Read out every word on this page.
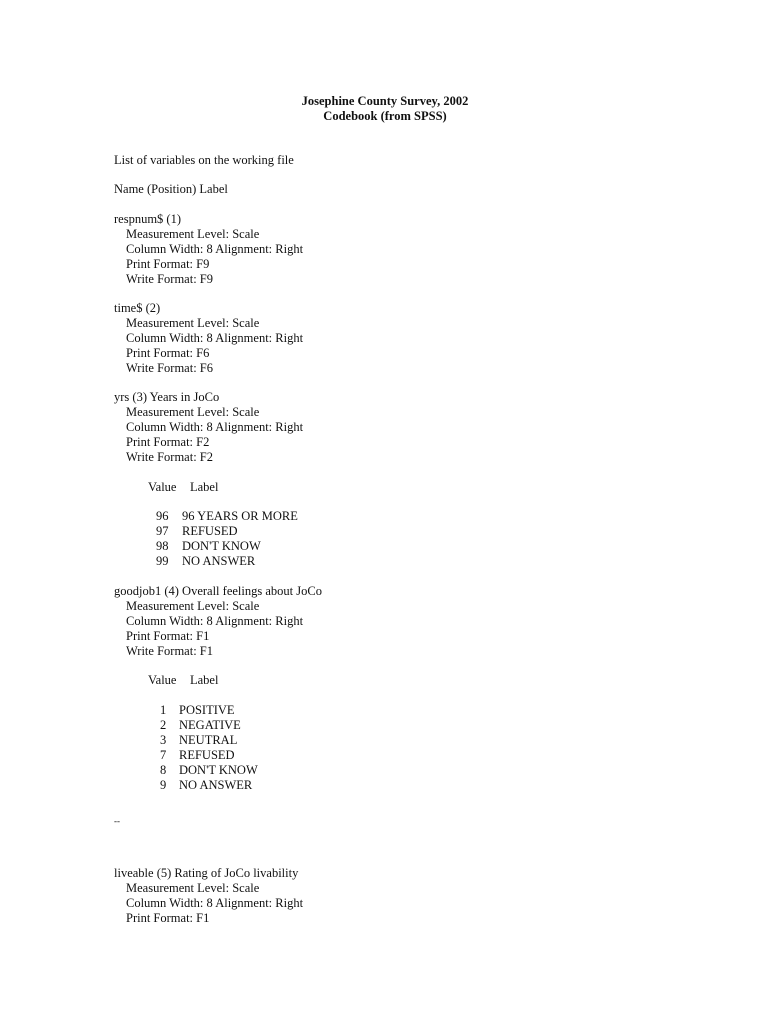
Josephine County Survey, 2002
Codebook (from SPSS)
List of variables on the working file
Name (Position) Label
respnum$ (1)
Measurement Level: Scale
Column Width: 8 Alignment: Right
Print Format: F9
Write Format: F9
time$ (2)
Measurement Level: Scale
Column Width: 8 Alignment: Right
Print Format: F6
Write Format: F6
yrs (3) Years in JoCo
Measurement Level: Scale
Column Width: 8 Alignment: Right
Print Format: F2
Write Format: F2
Value Label
96 96 YEARS OR MORE
97 REFUSED
98 DON'T KNOW
99 NO ANSWER
goodjob1 (4) Overall feelings about JoCo
Measurement Level: Scale
Column Width: 8 Alignment: Right
Print Format: F1
Write Format: F1
Value Label
1 POSITIVE
2 NEGATIVE
3 NEUTRAL
7 REFUSED
8 DON'T KNOW
9 NO ANSWER
--
liveable (5) Rating of JoCo livability
Measurement Level: Scale
Column Width: 8 Alignment: Right
Print Format: F1
